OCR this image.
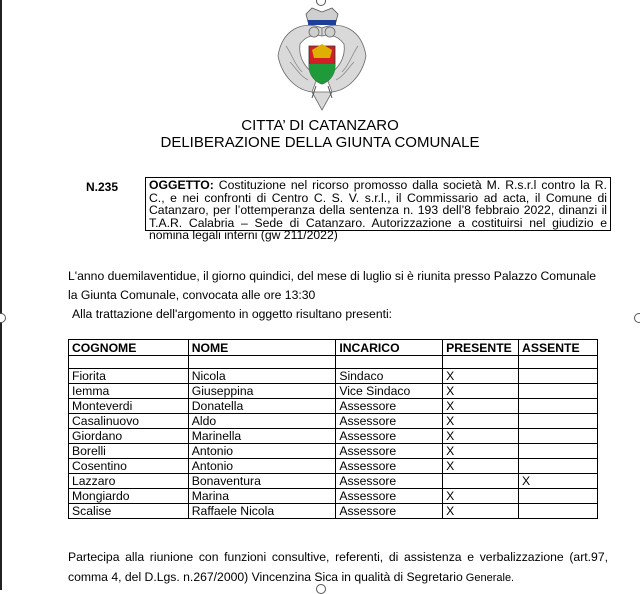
CITTA’ DI CATANZARO
DELIBERAZIONE DELLA GIUNTA COMUNALE
N.235	OGGETTO: Costituzione nel ricorso promosso dalla società M. R.s.r.l contro la R. C., e nei confronti di Centro C. S. V. s.r.l., il Commissario ad acta, il Comune di Catanzaro, per l’ottemperanza della sentenza n. 193 dell’8 febbraio 2022, dinanzi il T.A.R. Calabria – Sede di Catanzaro. Autorizzazione a costituirsi nel giudizio e nomina legali interni (gw 211/2022)
L'anno duemilaventidue, il giorno quindici, del mese di luglio si è riunita presso Palazzo Comunale la Giunta Comunale, convocata alle ore 13:30
Alla trattazione dell'argomento in oggetto risultano presenti:
COGNOME	NOME	INCARICO	PRESENTE	ASSENTE

Fiorita	Nicola	Sindaco	X	
Iemma	Giuseppina	Vice Sindaco	X	
Monteverdi	Donatella	Assessore	X	
Casalinuovo	Aldo	Assessore	X	
Giordano	Marinella	Assessore	X	
Borelli	Antonio	Assessore	X	
Cosentino	Antonio	Assessore	X	
Lazzaro	Bonaventura	Assessore		X
Mongiardo	Marina	Assessore	X	
Scalise	Raffaele Nicola	Assessore	X	
Partecipa alla riunione con funzioni consultive, referenti, di assistenza e verbalizzazione (art.97, comma 4, del D.Lgs. n.267/2000) Vincenzina Sica in qualità di Segretario Generale.
